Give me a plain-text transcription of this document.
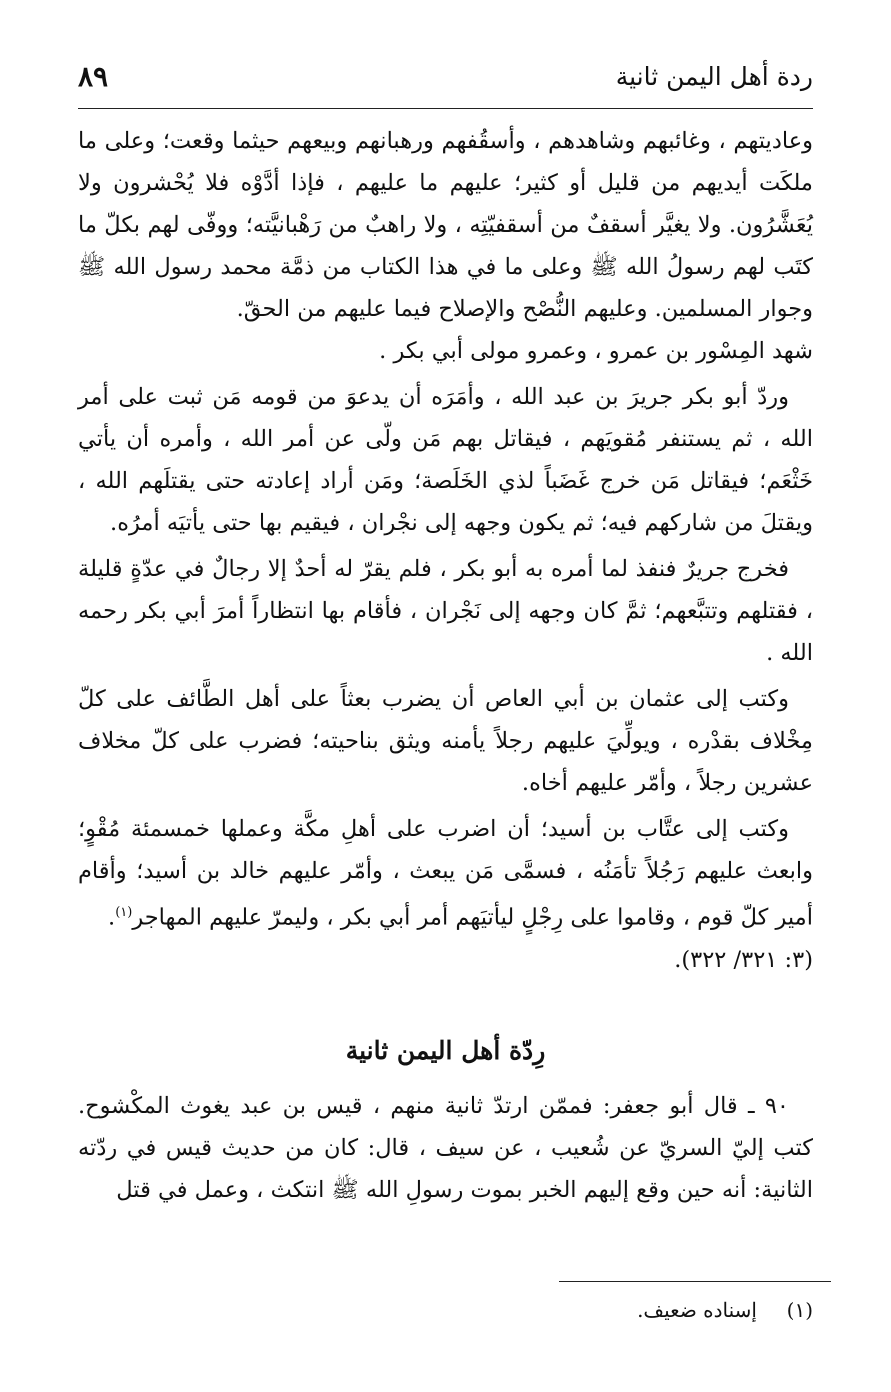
ردة أهل اليمن ثانية
٨٩

وعاديتهم ، وغائبهم وشاهدهم ، وأسقُفهم ورهبانهم وبيعهم حيثما وقعت؛ وعلى ما ملكَت أيديهم من قليل أو كثير؛ عليهم ما عليهم ، فإذا أدَّوْه فلا يُحْشرون ولا يُعَشَّرُون. ولا يغيَّر أسقفٌ من أسقفيّتِه ، ولا راهبٌ من رَهْبانيَّته؛ ووفّى لهم بكلّ ما كتَب لهم رسولُ الله ﷺ وعلى ما في هذا الكتاب من ذمَّة محمد رسول الله ﷺ وجوار المسلمين. وعليهم النُّصْح والإصلاح فيما عليهم من الحقّ.

شهد المِسْور بن عمرو ، وعمرو مولى أبي بكر .

وردّ أبو بكر جريرَ بن عبد الله ، وأمَرَه أن يدعوَ من قومه مَن ثبت على أمر الله ، ثم يستنفر مُقويَهم ، فيقاتل بهم مَن ولّى عن أمر الله ، وأمره أن يأتي خَثْعَم؛ فيقاتل مَن خرج غَضَباً لذي الخَلَصة؛ ومَن أراد إعادته حتى يقتلَهم الله ، ويقتلَ من شاركهم فيه؛ ثم يكون وجهه إلى نجْران ، فيقيم بها حتى يأتيَه أمرُه.

فخرج جريرٌ فنفذ لما أمره به أبو بكر ، فلم يقرّ له أحدٌ إلا رجالٌ في عدّةٍ قليلة ، فقتلهم وتتبَّعهم؛ ثمَّ كان وجهه إلى نَجْران ، فأقام بها انتظاراً أمرَ أبي بكر رحمه الله .

وكتب إلى عثمان بن أبي العاص أن يضرب بعثاً على أهل الطَّائف على كلّ مِخْلاف بقدْره ، ويولِّيَ عليهم رجلاً يأمنه ويثق بناحيته؛ فضرب على كلّ مخلاف عشرين رجلاً ، وأمّر عليهم أخاه.

وكتب إلى عتَّاب بن أسيد؛ أن اضرب على أهلِ مكَّة وعملها خمسمئة مُقْوٍ؛ وابعث عليهم رَجُلاً تأمَنُه ، فسمَّى مَن يبعث ، وأمّر عليهم خالد بن أسيد؛ وأقام أمير كلّ قوم ، وقاموا على رِجْلٍ ليأتيَهم أمر أبي بكر ، وليمرّ عليهم المهاجر$^{(١)}$.

(٣: ٣٢١/ ٣٢٢).

رِدّة أهل اليمن ثانية

٩٠ ـ قال أبو جعفر: فممّن ارتدّ ثانية منهم ، قيس بن عبد يغوث المكْشوح. كتب إليّ السريّ عن شُعيب ، عن سيف ، قال: كان من حديث قيس في ردّته الثانية: أنه حين وقع إليهم الخبر بموت رسولِ الله ﷺ انتكث ، وعمل في قتل

(١)إسناده ضعيف.
